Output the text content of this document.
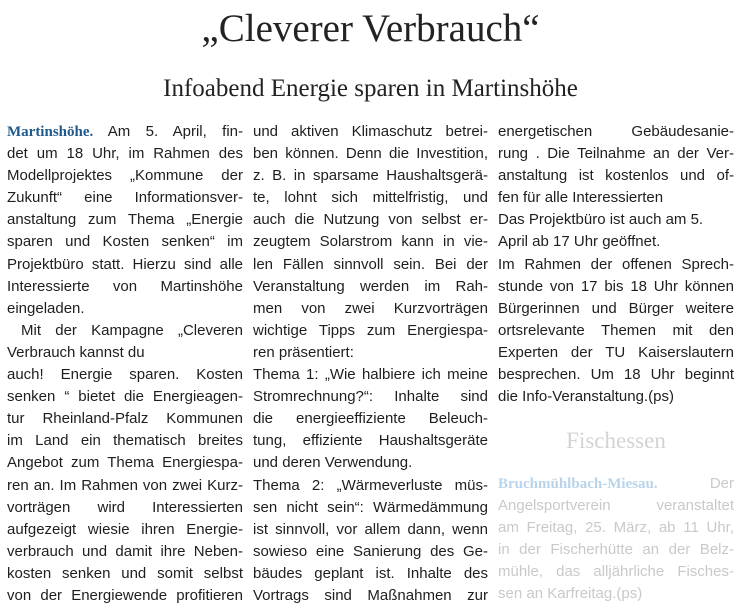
„Cleverer Verbrauch“
Infoabend Energie sparen in Martinshöhe
Martinshöhe. Am 5. April, fin-
det um 18 Uhr, im Rahmen des
Modellprojektes „Kommune der
Zukunft“ eine Informationsver-
anstaltung zum Thema „Energie
sparen und Kosten senken“ im
Projektbüro statt. Hierzu sind alle
Interessierte von Martinshöhe
eingeladen.
Mit der Kampagne „Cleveren
Verbrauch kannst du
auch! Energie sparen. Kosten
senken “ bietet die Energieagen-
tur Rheinland-Pfalz Kommunen
im Land ein thematisch breites
Angebot zum Thema Energiespa-
ren an. Im Rahmen von zwei Kurz-
vorträgen wird Interessierten
aufgezeigt wiesie ihren Energie-
verbrauch und damit ihre Neben-
kosten senken und somit selbst
von der Energiewende profitieren
und aktiven Klimaschutz betrei-
ben können. Denn die Investition,
z. B. in sparsame Haushaltsgerä-
te, lohnt sich mittelfristig, und
auch die Nutzung von selbst er-
zeugtem Solarstrom kann in vie-
len Fällen sinnvoll sein. Bei der
Veranstaltung werden im Rah-
men von zwei Kurzvorträgen
wichtige Tipps zum Energiespa-
ren präsentiert:
Thema 1: „Wie halbiere ich meine
Stromrechnung?“: Inhalte sind
die energieeffiziente Beleuch-
tung, effiziente Haushaltsgeräte
und deren Verwendung.
Thema 2: „Wärmeverluste müs-
sen nicht sein“: Wärmedämmung
ist sinnvoll, vor allem dann, wenn
sowieso eine Sanierung des Ge-
bäudes geplant ist. Inhalte des
Vortrags sind Maßnahmen zur
energetischen Gebäudesanie-
rung . Die Teilnahme an der Ver-
anstaltung ist kostenlos und of-
fen für alle Interessierten
Das Projektbüro ist auch am 5.
April ab 17 Uhr geöffnet.
Im Rahmen der offenen Sprech-
stunde von 17 bis 18 Uhr können
Bürgerinnen und Bürger weitere
ortsrelevante Themen mit den
Experten der TU Kaiserslautern
besprechen. Um 18 Uhr beginnt
die Info-Veranstaltung.(ps)
Fischessen
Bruchmühlbach-Miesau. Der
Angelsportverein veranstaltet
am Freitag, 25. März, ab 11 Uhr,
in der Fischerhütte an der Belz-
mühle, das alljährliche Fisches-
sen an Karfreitag.(ps)
